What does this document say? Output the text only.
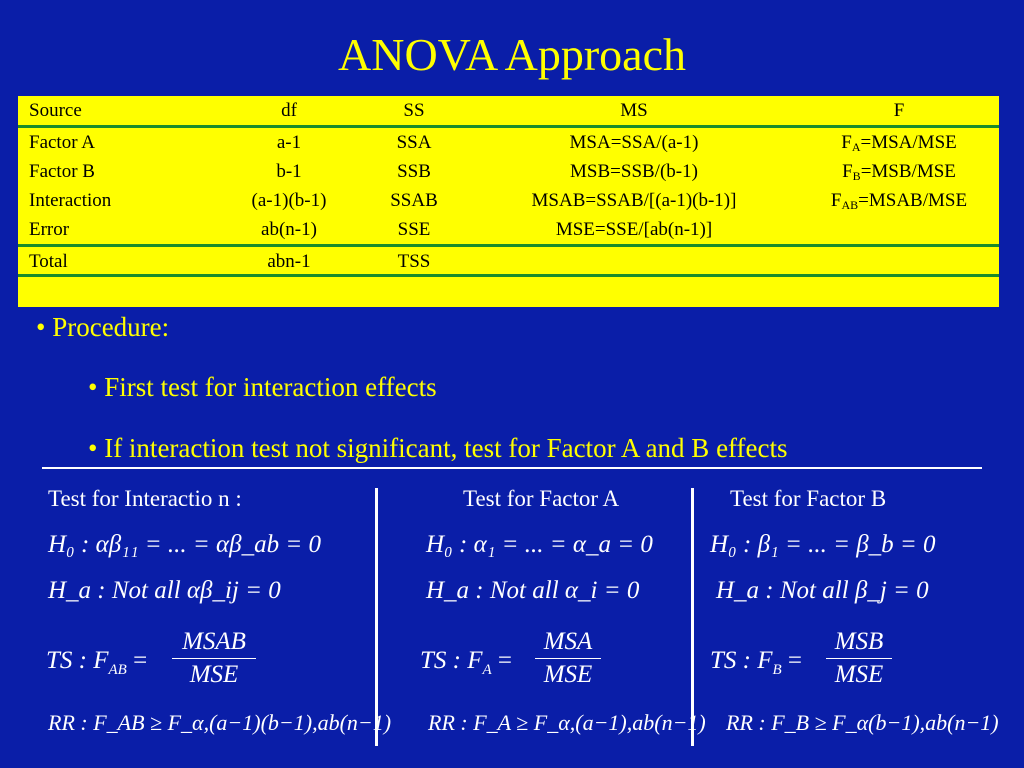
ANOVA Approach
Source	df	SS	MS	F
Factor A	a-1	SSA	MSA=SSA/(a-1)	$F_A=MSA$/MSE
Factor B	b-1	SSB	MSB=SSB/(b-1)	$F_B=MSB$/MSE
Interaction	(a-1)(b-1)	SSAB	MSAB=SSAB/[(a-1)(b-1)]	$F_{AB}=MSAB$/MSE
Error	ab(n-1)	SSE	MSE=SSE/[ab(n-1)]
Total	abn-1	TSS
• Procedure:
• First test for interaction effects
• If interaction test not significant, test for Factor A and B effects
Test for Interactio n :
H₀ : αβ₁₁ = ... = αβ_ab = 0
H_a : Not all αβ_ij = 0
TS : $F_{AB}$ =
MSAB
MSE
RR : F_AB ≥ F_α,(a−1)(b−1),ab(n−1)
Test for Factor A
H₀ : α₁ = ... = α_a = 0
H_a : Not all α_i = 0
TS : $F_A$ =
MSA
MSE
RR : F_A ≥ F_α,(a−1),ab(n−1)
Test for Factor B
H₀ : β₁ = ... = β_b = 0
H_a : Not all β_j = 0
TS : $F_B$ =
MSB
MSE
RR : F_B ≥ F_α(b−1),ab(n−1)
